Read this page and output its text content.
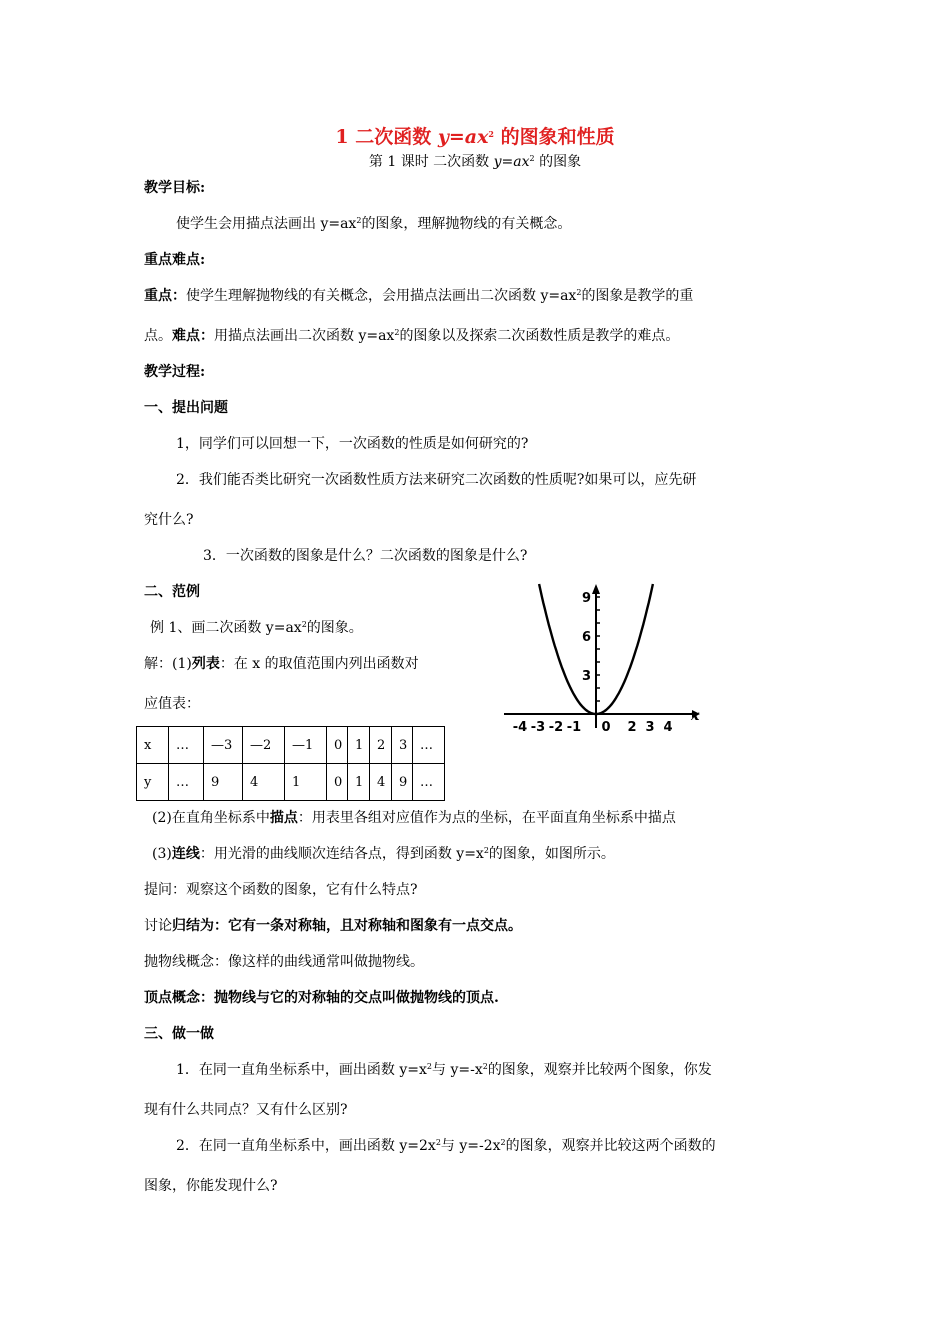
1 二次函数 $y=ax^2$ 的图象和性质
第 1 课时 二次函数 $y=ax^2$ 的图象
教学目标:
使学生会用描点法画出 $y=ax^2$的图象，理解抛物线的有关概念。
重点难点:
重点：使学生理解抛物线的有关概念，会用描点法画出二次函数 $y=ax^2$的图象是教学的重
点。难点：用描点法画出二次函数 $y=ax^2$的图象以及探索二次函数性质是教学的难点。
教学过程:
一、提出问题
1，同学们可以回想一下，一次函数的性质是如何研究的?
2．我们能否类比研究一次函数性质方法来研究二次函数的性质呢?如果可以，应先研
究什么?
3．一次函数的图象是什么？二次函数的图象是什么?
二、范例
例 1、画二次函数 $y=ax^2$的图象。
解：(1)列表：在 x 的取值范围内列出函数对
应值表：
x	…	—3	—2	—1	0	1	2	3	…
y	…	9	4	1	0	1	4	9	…
x
-4 -3 -2 -1 0 2 3 4
9
6
3
(2)在直角坐标系中描点：用表里各组对应值作为点的坐标，在平面直角坐标系中描点
(3)连线：用光滑的曲线顺次连结各点，得到函数 $y=x^2$的图象，如图所示。
提问：观察这个函数的图象，它有什么特点?
讨论归结为：它有一条对称轴，且对称轴和图象有一点交点。
抛物线概念：像这样的曲线通常叫做抛物线。
顶点概念：抛物线与它的对称轴的交点叫做抛物线的顶点.
三、做一做
1．在同一直角坐标系中，画出函数 $y=x^2$与 $y=-x^2$的图象，观察并比较两个图象，你发
现有什么共同点？又有什么区别?
2．在同一直角坐标系中，画出函数 $y=2x^2$与 $y=-2x^2$的图象，观察并比较这两个函数的
图象，你能发现什么?
